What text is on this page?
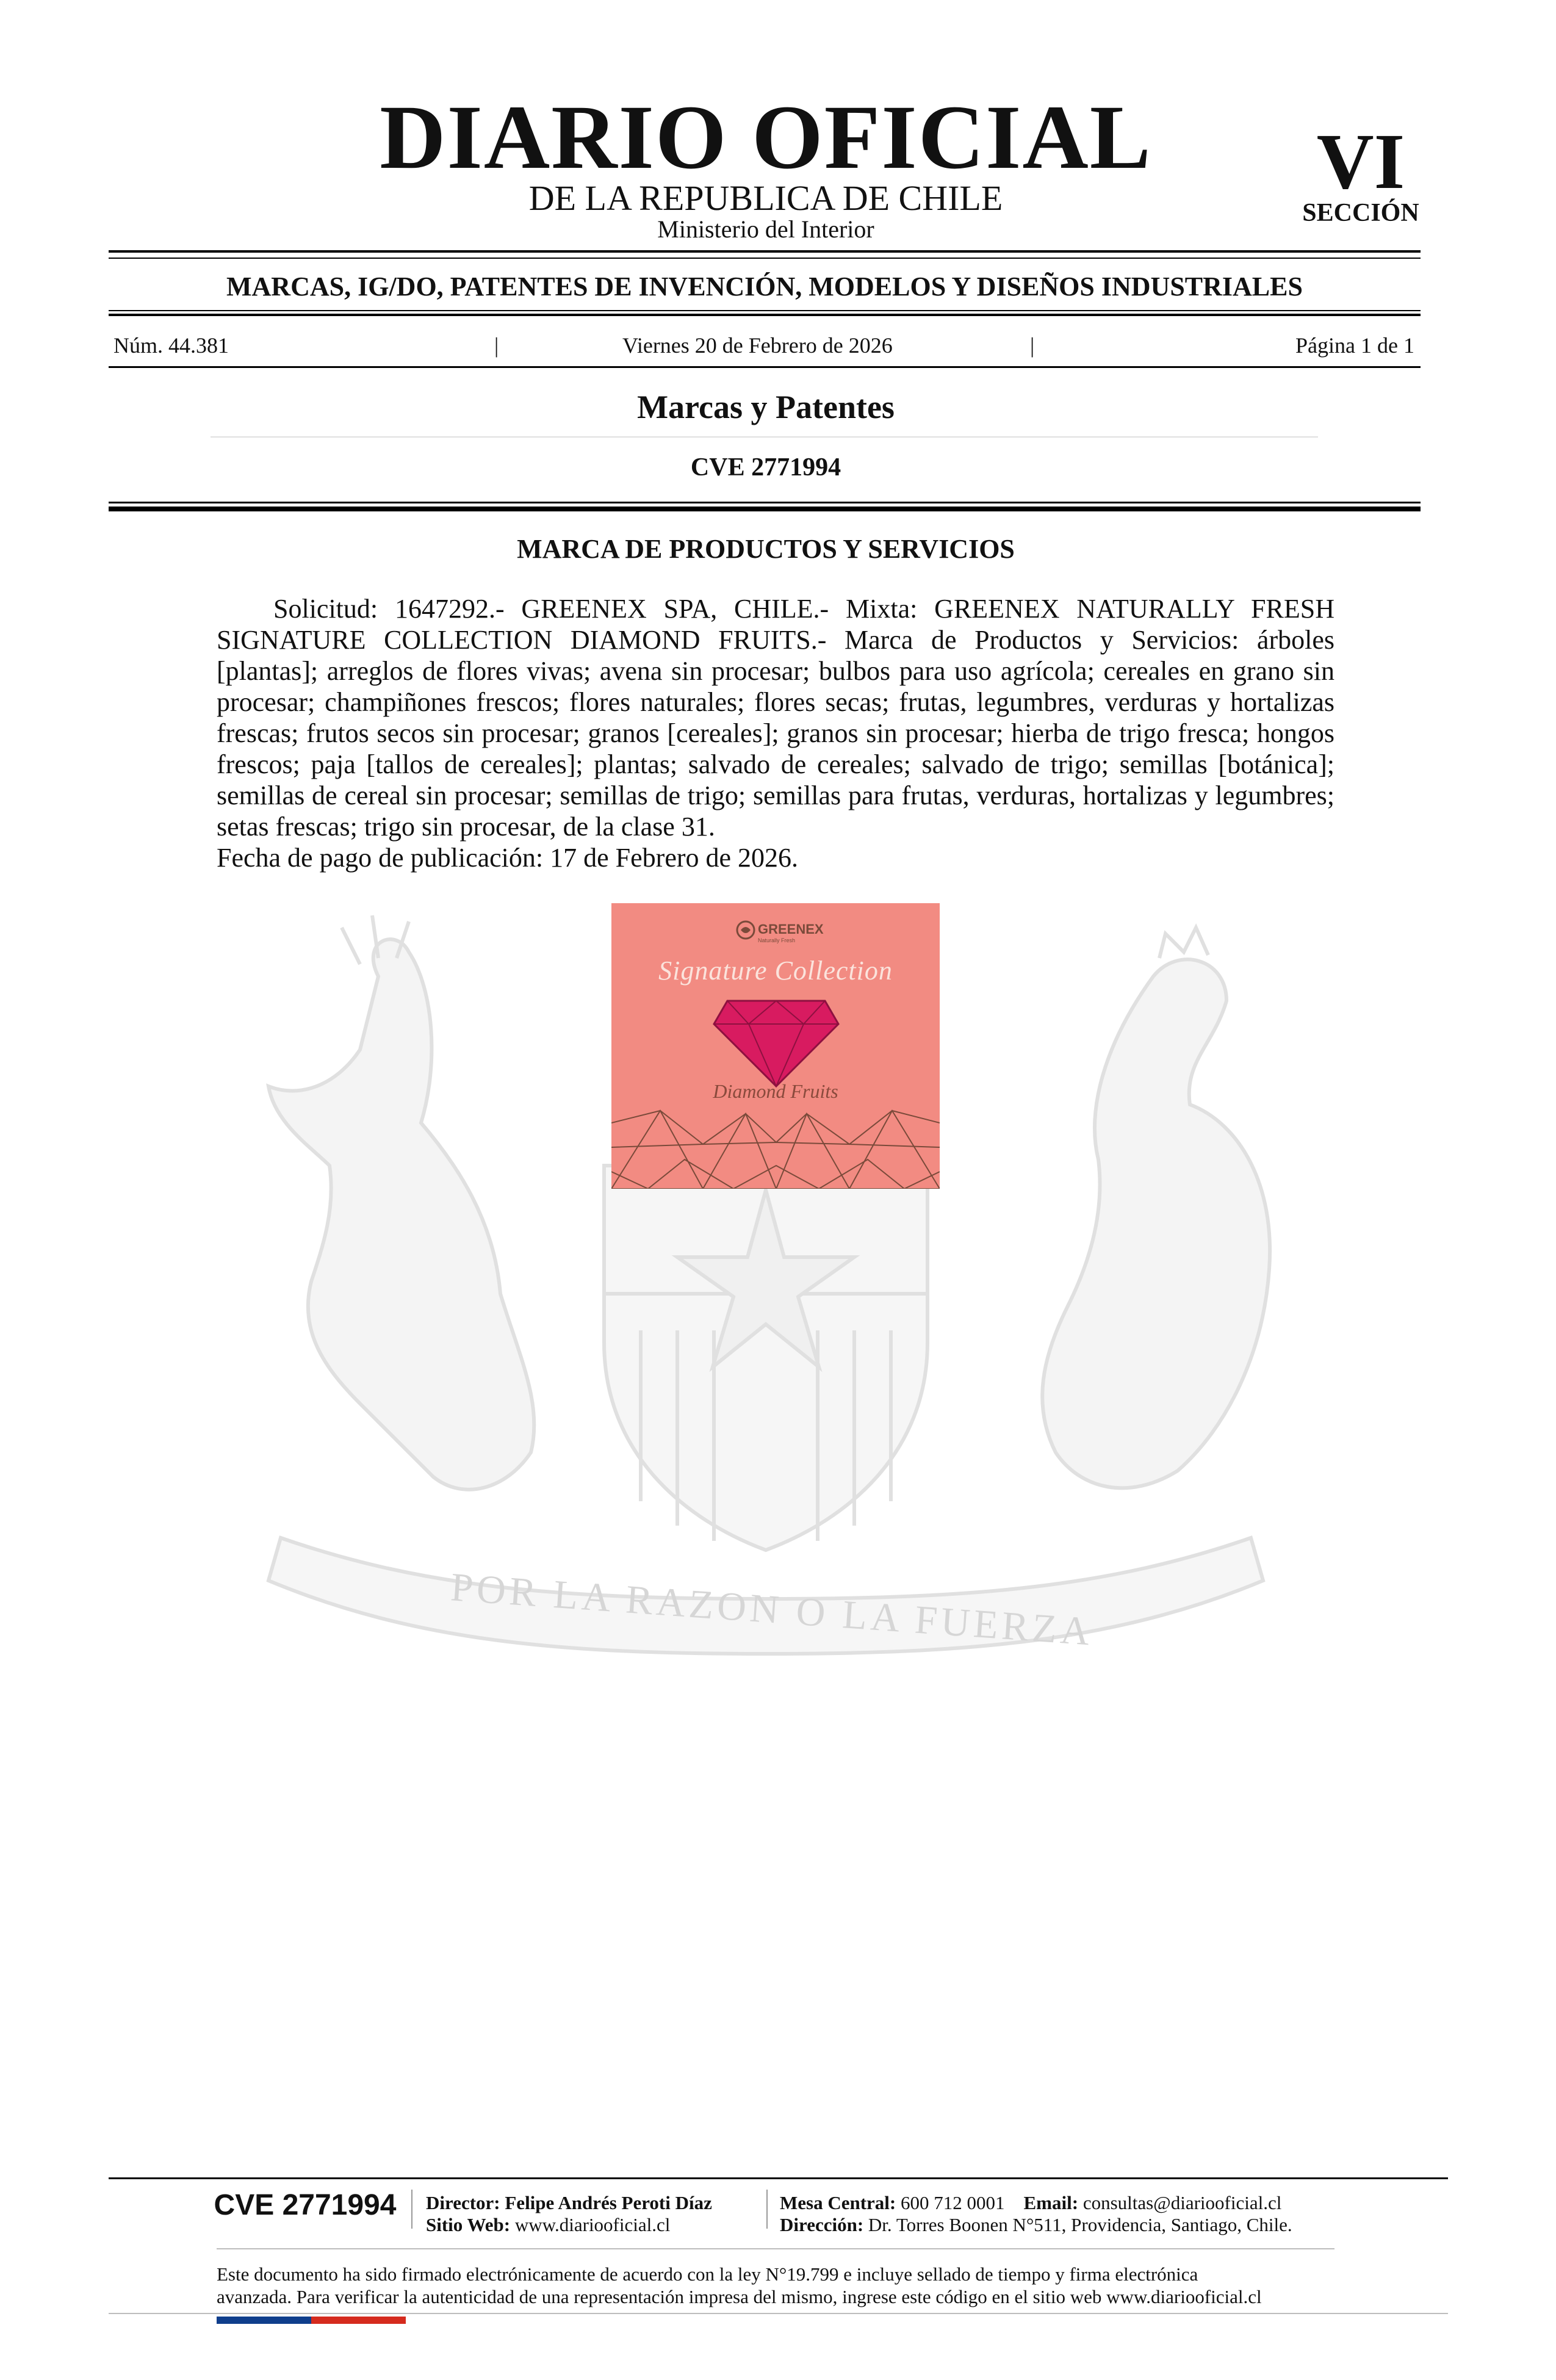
DIARIO OFICIAL
DE LA REPUBLICA DE CHILE
Ministerio del Interior
VI
SECCIÓN
MARCAS, IG/DO, PATENTES DE INVENCIÓN, MODELOS Y DISEÑOS INDUSTRIALES
Núm. 44.381	|	Viernes 20 de Febrero de 2026	|	Página 1 de 1
Marcas y Patentes
CVE 2771994
POR LA RAZON O LA FUERZA
MARCA DE PRODUCTOS Y SERVICIOS

Solicitud: 1647292.- GREENEX SPA, CHILE.- Mixta: GREENEX NATURALLY FRESH SIGNATURE COLLECTION DIAMOND FRUITS.- Marca de Productos y Servicios: árboles [plantas]; arreglos de flores vivas; avena sin procesar; bulbos para uso agrícola; cereales en grano sin procesar; champiñones frescos; flores naturales; flores secas; frutas, legumbres, verduras y hortalizas frescas; frutos secos sin procesar; granos [cereales]; granos sin procesar; hierba de trigo fresca; hongos frescos; paja [tallos de cereales]; plantas; salvado de cereales; salvado de trigo; semillas [botánica]; semillas de cereal sin procesar; semillas de trigo; semillas para frutas, verduras, hortalizas y legumbres; setas frescas; trigo sin procesar, de la clase 31.

Fecha de pago de publicación: 17 de Febrero de 2026.

GREENEX
Naturally Fresh
Signature Collection
Diamond Fruits
CVE 2771994	Director: Felipe Andrés Peroti Díaz
Sitio Web: www.diariooficial.cl
Mesa Central: 600 712 0001 Email: consultas@diariooficial.cl
Dirección: Dr. Torres Boonen N°511, Providencia, Santiago, Chile.
Este documento ha sido firmado electrónicamente de acuerdo con la ley N°19.799 e incluye sellado de tiempo y firma electrónica
avanzada. Para verificar la autenticidad de una representación impresa del mismo, ingrese este código en el sitio web www.diariooficial.cl
